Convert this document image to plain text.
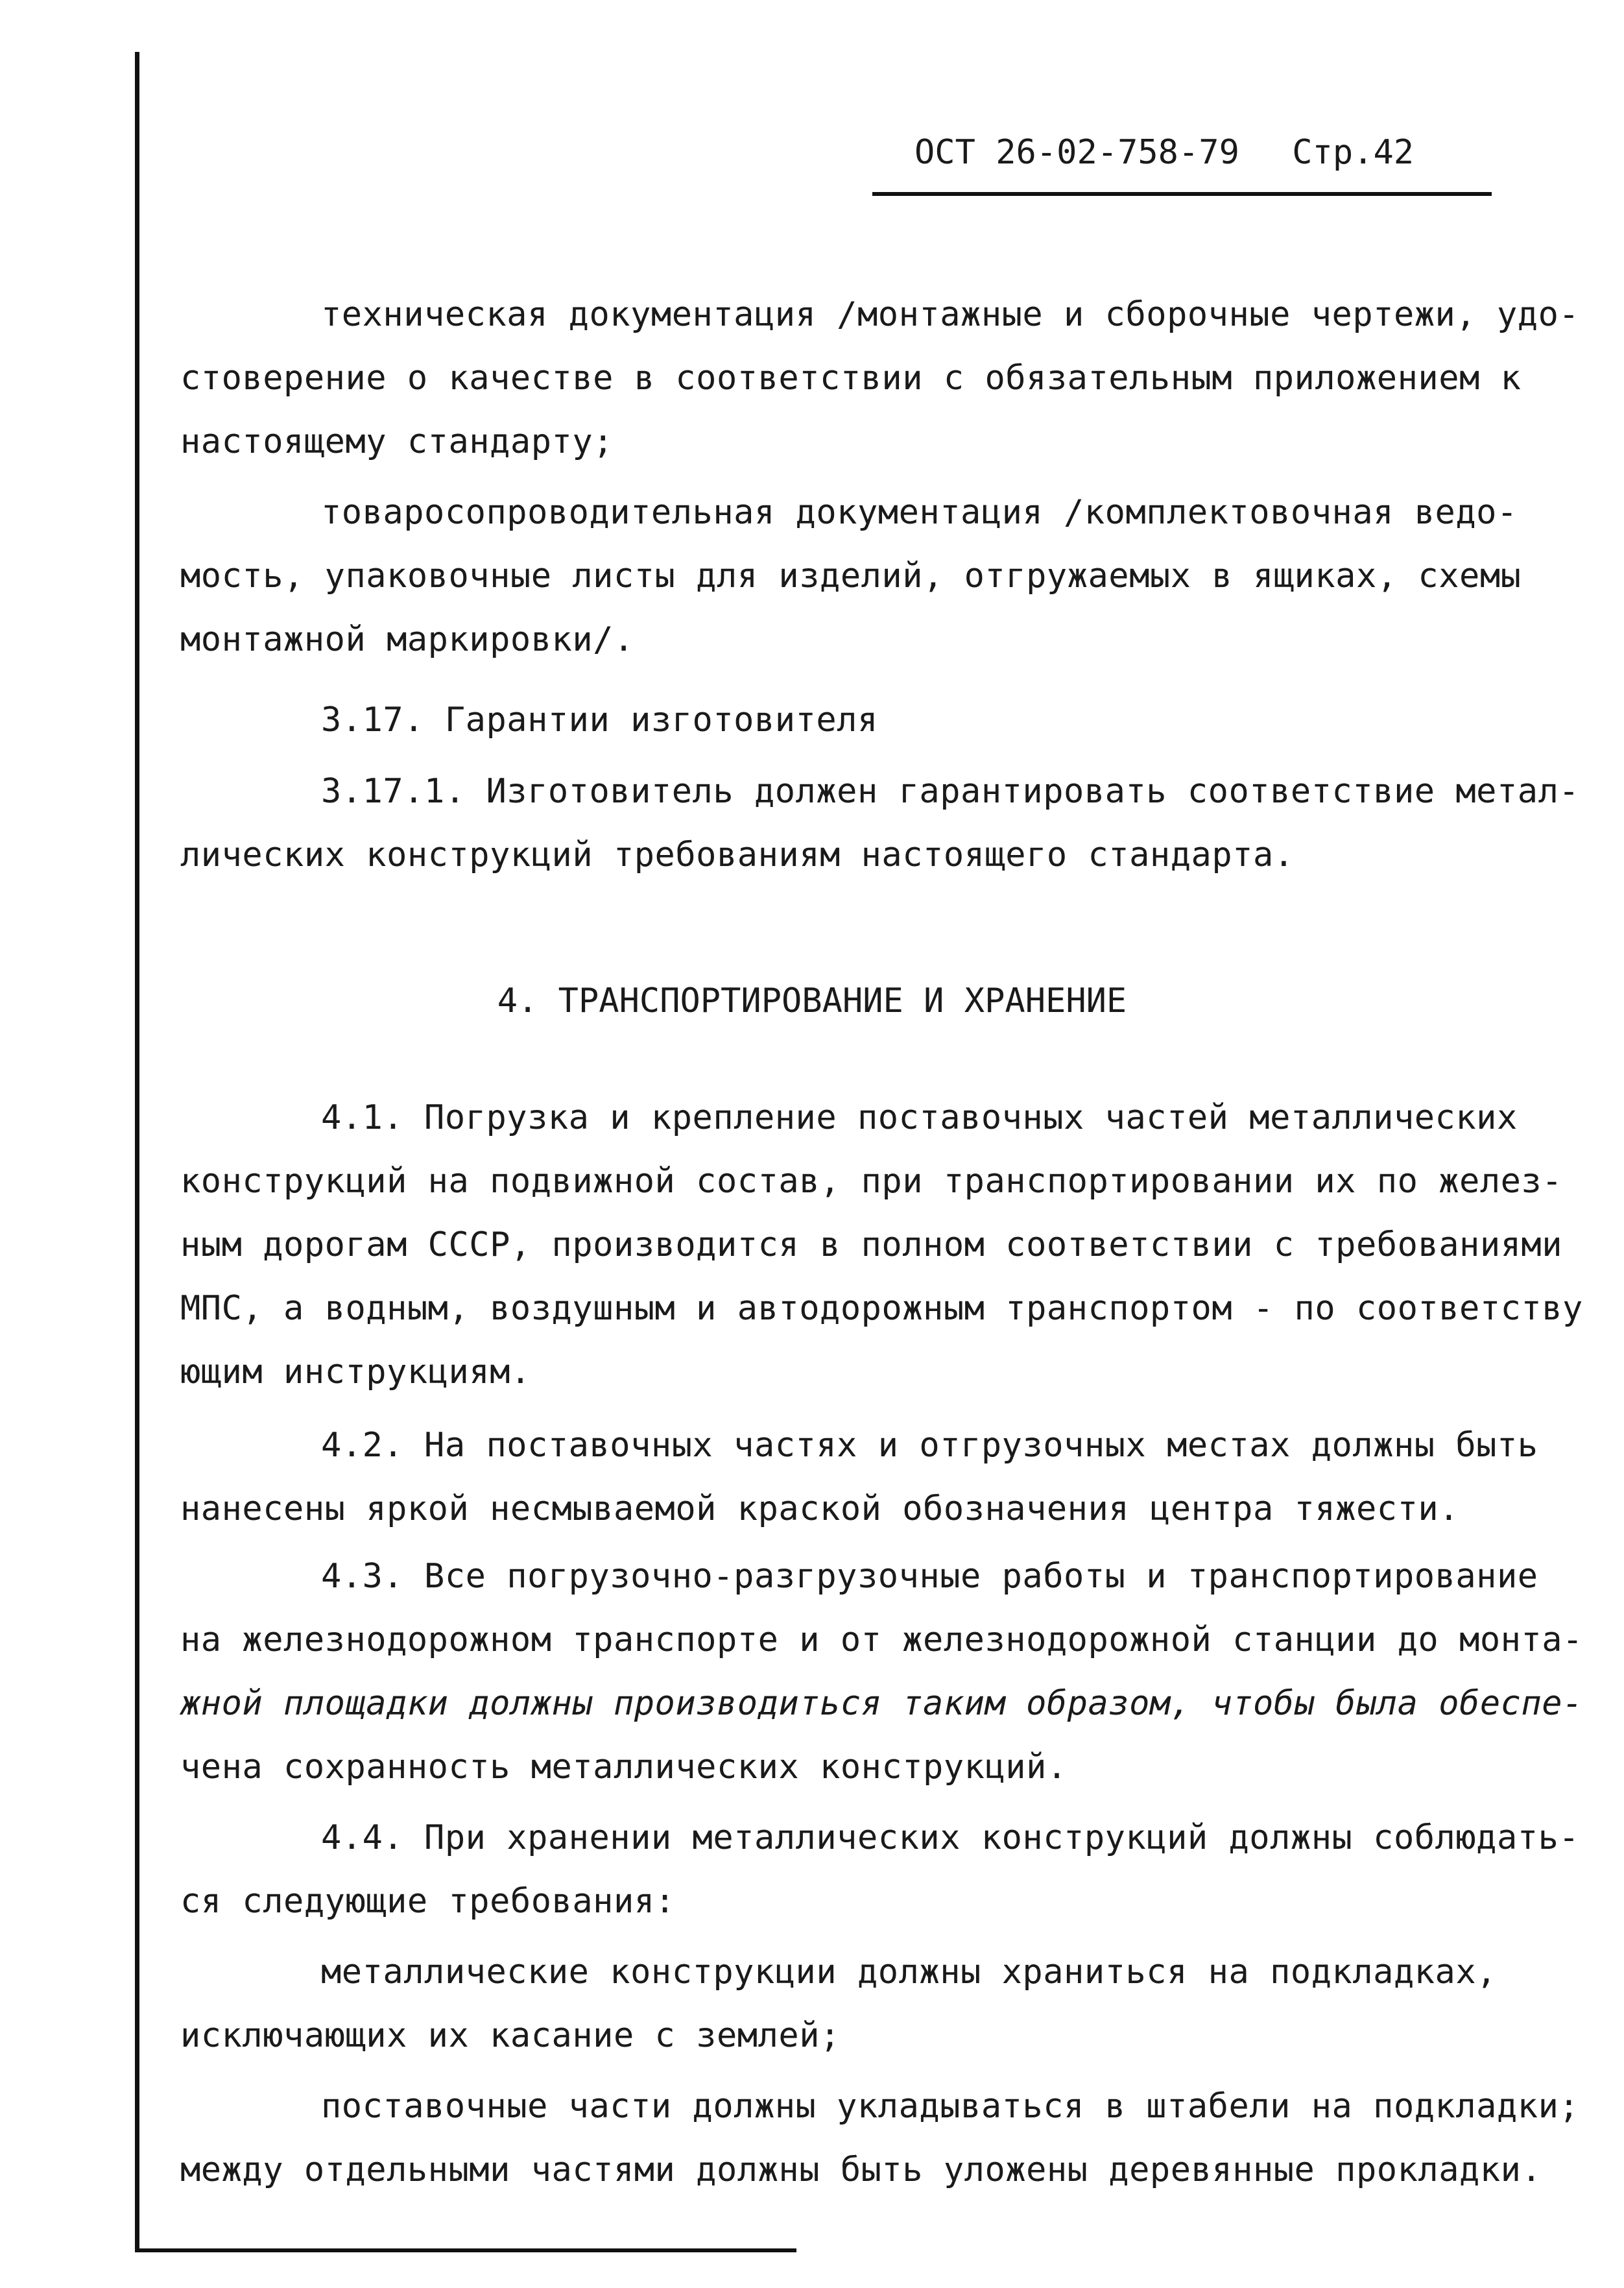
ОСТ 26-02-758-79 Стр.42
техническая документация /монтажные и сборочные чертежи, удо-
стоверение о качестве в соответствии с обязательным приложением к
настоящему стандарту;
товаросопроводительная документация /комплектовочная ведо-
мость, упаковочные листы для изделий, отгружаемых в ящиках, схемы
монтажной маркировки/.
3.17. Гарантии изготовителя
3.17.1. Изготовитель должен гарантировать соответствие метал-
лических конструкций требованиям настоящего стандарта.
4. ТРАНСПОРТИРОВАНИЕ И ХРАНЕНИЕ
4.1. Погрузка и крепление поставочных частей металлических
конструкций на подвижной состав, при транспортировании их по желез-
ным дорогам СССР, производится в полном соответствии с требованиями
МПС, а водным, воздушным и автодорожным транспортом - по соответству
ющим инструкциям.
4.2. На поставочных частях и отгрузочных местах должны быть
нанесены яркой несмываемой краской обозначения центра тяжести.
4.3. Все погрузочно-разгрузочные работы и транспортирование
на железнодорожном транспорте и от железнодорожной станции до монта-
жной площадки должны производиться таким образом, чтобы была обеспе-
чена сохранность металлических конструкций.
4.4. При хранении металлических конструкций должны соблюдать-
ся следующие требования:
металлические конструкции должны храниться на подкладках,
исключающих их касание с землей;
поставочные части должны укладываться в штабели на подкладки;
между отдельными частями должны быть уложены деревянные прокладки.
